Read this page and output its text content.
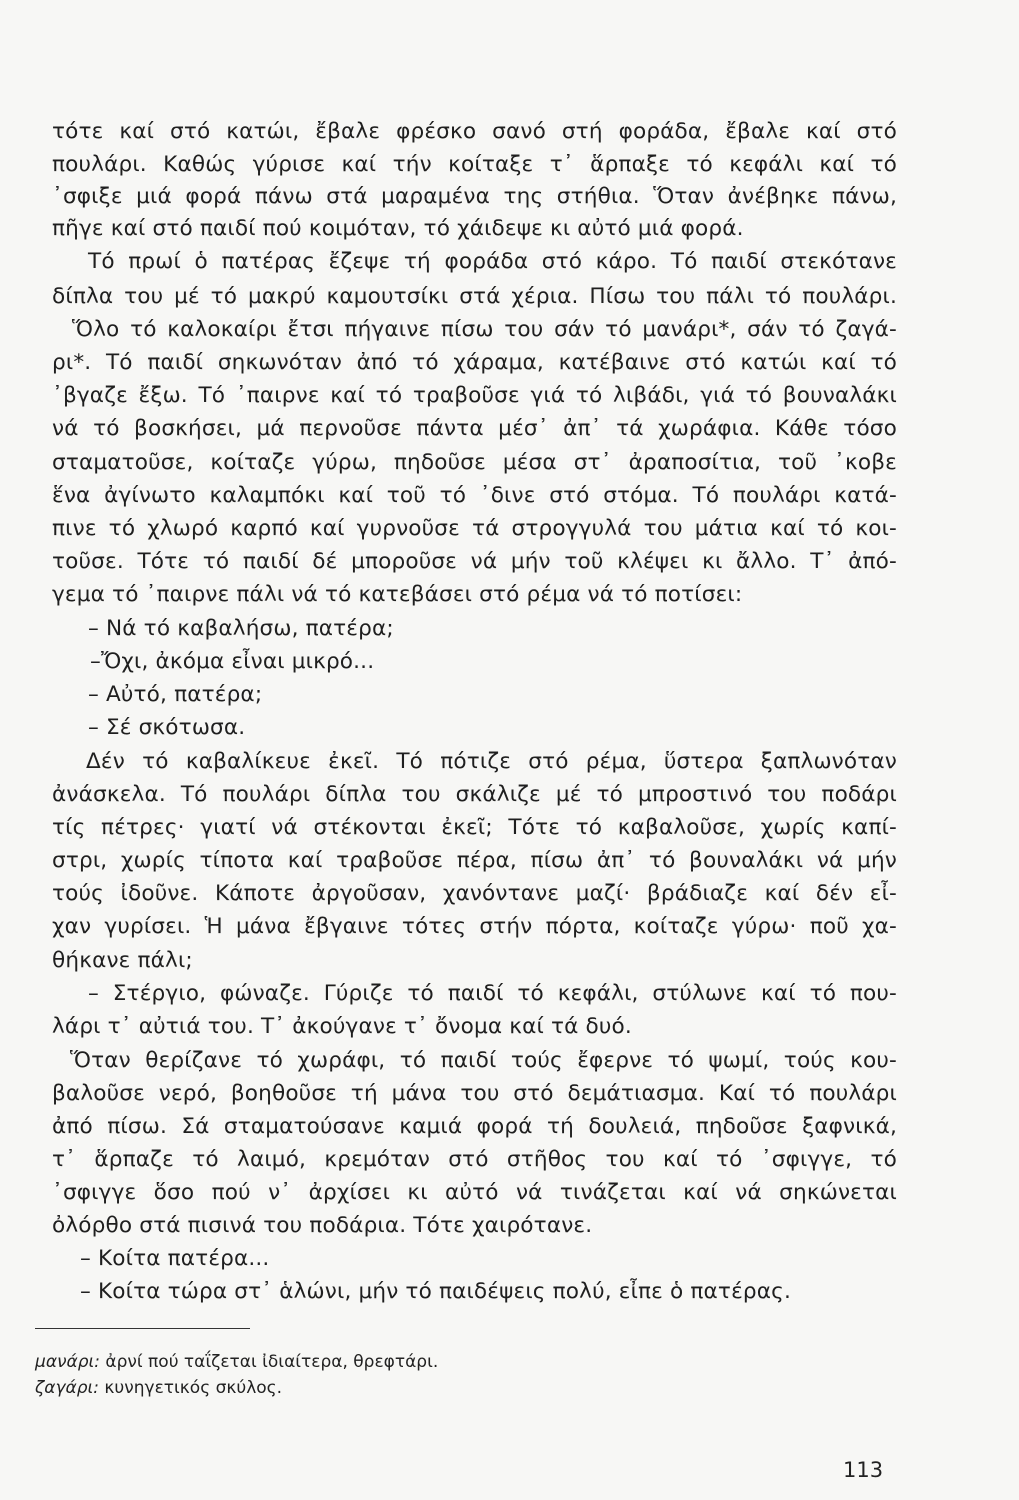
τότε καί στό κατώι, ἔβαλε φρέσκο σανό στή φοράδα, ἔβαλε καί στό
πουλάρι. Καθώς γύρισε καί τήν κοίταξε τ᾽ ἅρπαξε τό κεφάλι καί τό
᾽σφιξε μιά φορά πάνω στά μαραμένα της στήθια. Ὅταν ἀνέβηκε πάνω,
πῆγε καί στό παιδί πού κοιμόταν, τό χάιδεψε κι αὐτό μιά φορά.
Τό πρωί ὁ πατέρας ἔζεψε τή φοράδα στό κάρο. Τό παιδί στεκότανε
δίπλα του μέ τό μακρύ καμουτσίκι στά χέρια. Πίσω του πάλι τό πουλάρι.
Ὅλο τό καλοκαίρι ἔτσι πήγαινε πίσω του σάν τό μανάρι*, σάν τό ζαγά-
ρι*. Τό παιδί σηκωνόταν ἀπό τό χάραμα, κατέβαινε στό κατώι καί τό
᾽βγαζε ἔξω. Τό ᾽παιρνε καί τό τραβοῦσε γιά τό λιβάδι, γιά τό βουναλάκι
νά τό βοσκήσει, μά περνοῦσε πάντα μέσ᾽ ἀπ᾽ τά χωράφια. Κάθε τόσο
σταματοῦσε, κοίταζε γύρω, πηδοῦσε μέσα στ᾽ ἀραποσίτια, τοῦ ᾽κοβε
ἕνα ἀγίνωτο καλαμπόκι καί τοῦ τό ᾽δινε στό στόμα. Τό πουλάρι κατά-
πινε τό χλωρό καρπό καί γυρνοῦσε τά στρογγυλά του μάτια καί τό κοι-
τοῦσε. Τότε τό παιδί δέ μποροῦσε νά μήν τοῦ κλέψει κι ἄλλο. Τ᾽ ἀπό-
γεμα τό ᾽παιρνε πάλι νά τό κατεβάσει στό ρέμα νά τό ποτίσει:
– Νά τό καβαλήσω, πατέρα;
–Ὄχι, ἀκόμα εἶναι μικρό...
– Αὐτό, πατέρα;
– Σέ σκότωσα.
Δέν τό καβαλίκευε ἐκεῖ. Τό πότιζε στό ρέμα, ὕστερα ξαπλωνόταν
ἀνάσκελα. Τό πουλάρι δίπλα του σκάλιζε μέ τό μπροστινό του ποδάρι
τίς πέτρες· γιατί νά στέκονται ἐκεῖ; Τότε τό καβαλοῦσε, χωρίς καπί-
στρι, χωρίς τίποτα καί τραβοῦσε πέρα, πίσω ἀπ᾽ τό βουναλάκι νά μήν
τούς ἰδοῦνε. Κάποτε ἀργοῦσαν, χανόντανε μαζί· βράδιαζε καί δέν εἶ-
χαν γυρίσει. Ἡ μάνα ἔβγαινε τότες στήν πόρτα, κοίταζε γύρω· ποῦ χα-
θήκανε πάλι;
– Στέργιο, φώναζε. Γύριζε τό παιδί τό κεφάλι, στύλωνε καί τό που-
λάρι τ᾽ αὐτιά του. Τ᾽ ἀκούγανε τ᾽ ὄνομα καί τά δυό.
Ὅταν θερίζανε τό χωράφι, τό παιδί τούς ἔφερνε τό ψωμί, τούς κου-
βαλοῦσε νερό, βοηθοῦσε τή μάνα του στό δεμάτιασμα. Καί τό πουλάρι
ἀπό πίσω. Σά σταματούσανε καμιά φορά τή δουλειά, πηδοῦσε ξαφνικά,
τ᾽ ἅρπαζε τό λαιμό, κρεμόταν στό στῆθος του καί τό ᾽σφιγγε, τό
᾽σφιγγε ὅσο πού ν᾽ ἀρχίσει κι αὐτό νά τινάζεται καί νά σηκώνεται
ὀλόρθο στά πισινά του ποδάρια. Τότε χαιρότανε.
– Κοίτα πατέρα...
– Κοίτα τώρα στ᾽ ἁλώνι, μήν τό παιδέψεις πολύ, εἶπε ὁ πατέρας.
μανάρι: ἀρνί πού ταΐζεται ἰδιαίτερα, θρεφτάρι.
ζαγάρι: κυνηγετικός σκύλος.
113
